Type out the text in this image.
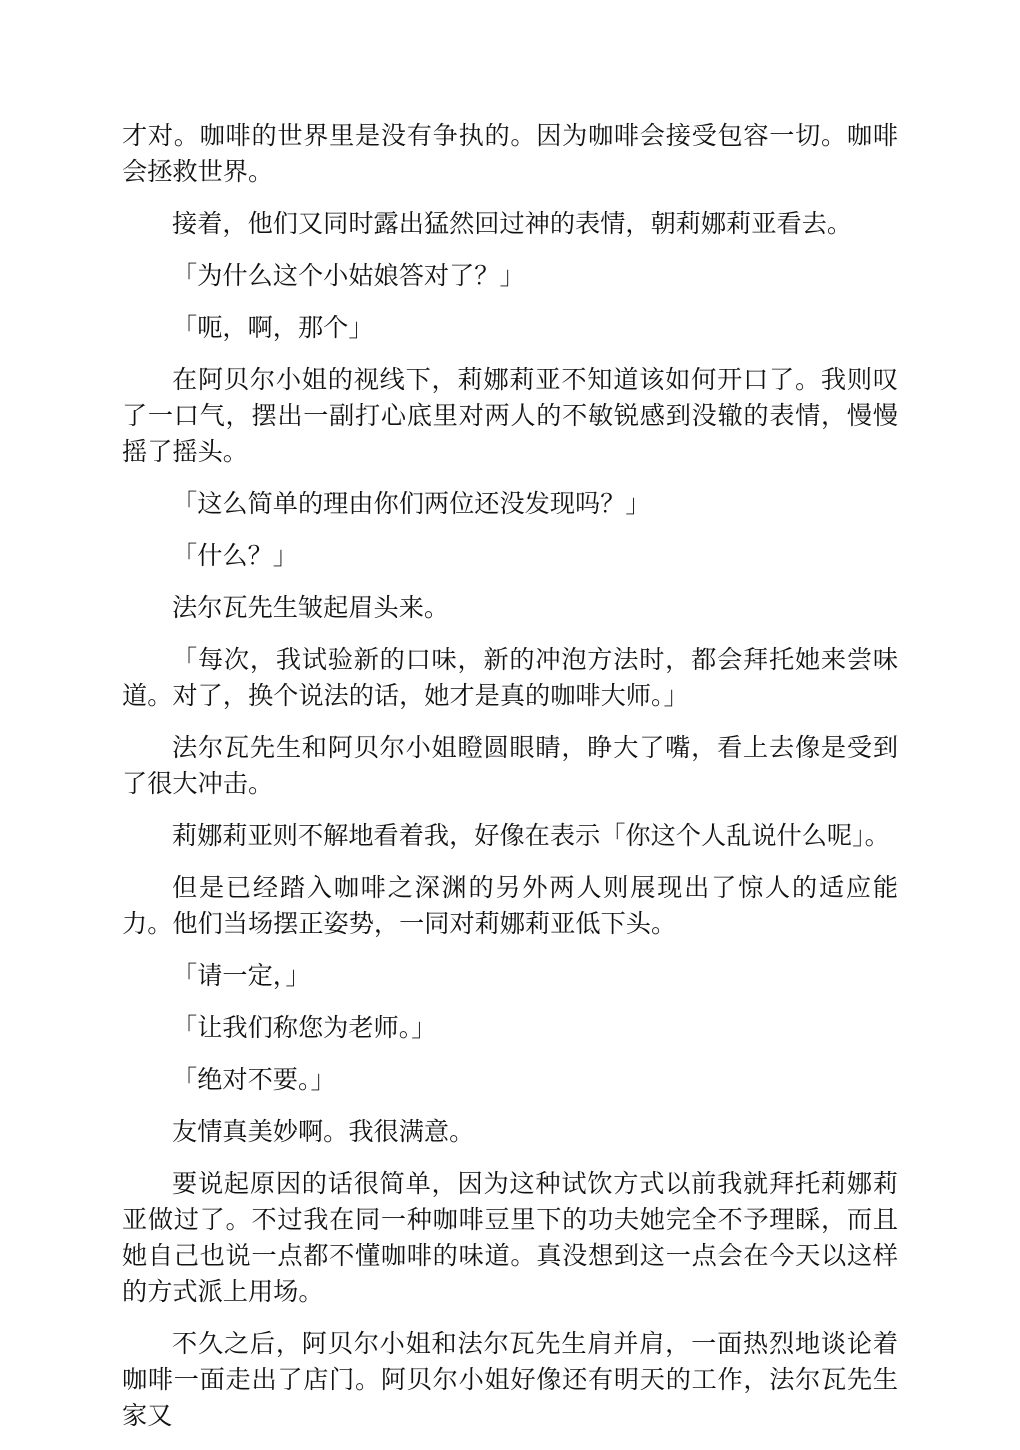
才对。咖啡的世界里是没有争执的。因为咖啡会接受包容一切。咖啡会拯救世界。

接着，他们又同时露出猛然回过神的表情，朝莉娜莉亚看去。

「为什么这个小姑娘答对了？」

「呃，啊，那个」

在阿贝尔小姐的视线下，莉娜莉亚不知道该如何开口了。我则叹了一口气，摆出一副打心底里对两人的不敏锐感到没辙的表情，慢慢摇了摇头。

「这么简单的理由你们两位还没发现吗？」

「什么？」

法尔瓦先生皱起眉头来。

「每次，我试验新的口味，新的冲泡方法时，都会拜托她来尝味道。对了，换个说法的话，她才是真的咖啡大师。」

法尔瓦先生和阿贝尔小姐瞪圆眼睛，睁大了嘴，看上去像是受到了很大冲击。

莉娜莉亚则不解地看着我，好像在表示「你这个人乱说什么呢」。

但是已经踏入咖啡之深渊的另外两人则展现出了惊人的适应能力。他们当场摆正姿势，一同对莉娜莉亚低下头。

「请一定，」

「让我们称您为老师。」

「绝对不要。」

友情真美妙啊。我很满意。

要说起原因的话很简单，因为这种试饮方式以前我就拜托莉娜莉亚做过了。不过我在同一种咖啡豆里下的功夫她完全不予理睬，而且她自己也说一点都不懂咖啡的味道。真没想到这一点会在今天以这样的方式派上用场。

不久之后，阿贝尔小姐和法尔瓦先生肩并肩，一面热烈地谈论着咖啡一面走出了店门。阿贝尔小姐好像还有明天的工作，法尔瓦先生家又
